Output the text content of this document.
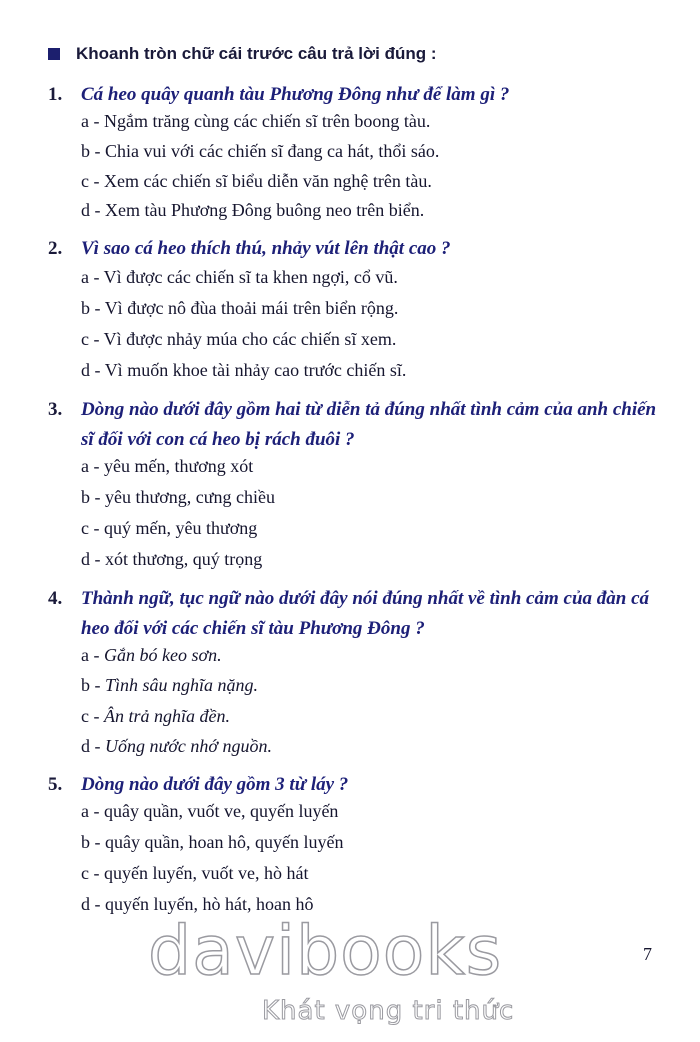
Khoanh tròn chữ cái trước câu trả lời đúng :
1. Cá heo quây quanh tàu Phương Đông như để làm gì ?
a - Ngắm trăng cùng các chiến sĩ trên boong tàu.
b - Chia vui với các chiến sĩ đang ca hát, thổi sáo.
c - Xem các chiến sĩ biểu diễn văn nghệ trên tàu.
d - Xem tàu Phương Đông buông neo trên biển.
2. Vì sao cá heo thích thú, nhảy vút lên thật cao ?
a - Vì được các chiến sĩ ta khen ngợi, cổ vũ.
b - Vì được nô đùa thoải mái trên biển rộng.
c - Vì được nhảy múa cho các chiến sĩ xem.
d - Vì muốn khoe tài nhảy cao trước chiến sĩ.
3. Dòng nào dưới đây gồm hai từ diễn tả đúng nhất tình cảm của anh chiến sĩ đối với con cá heo bị rách đuôi ?
a - yêu mến, thương xót
b - yêu thương, cưng chiều
c - quý mến, yêu thương
d - xót thương, quý trọng
4. Thành ngữ, tục ngữ nào dưới đây nói đúng nhất về tình cảm của đàn cá heo đối với các chiến sĩ tàu Phương Đông ?
a - Gắn bó keo sơn.
b - Tình sâu nghĩa nặng.
c - Ân trả nghĩa đền.
d - Uống nước nhớ nguồn.
5. Dòng nào dưới đây gồm 3 từ láy ?
a - quây quần, vuốt ve, quyến luyến
b - quây quần, hoan hô, quyến luyến
c - quyến luyến, vuốt ve, hò hát
d - quyến luyến, hò hát, hoan hô
davibooks
Khát vọng tri thức
7
